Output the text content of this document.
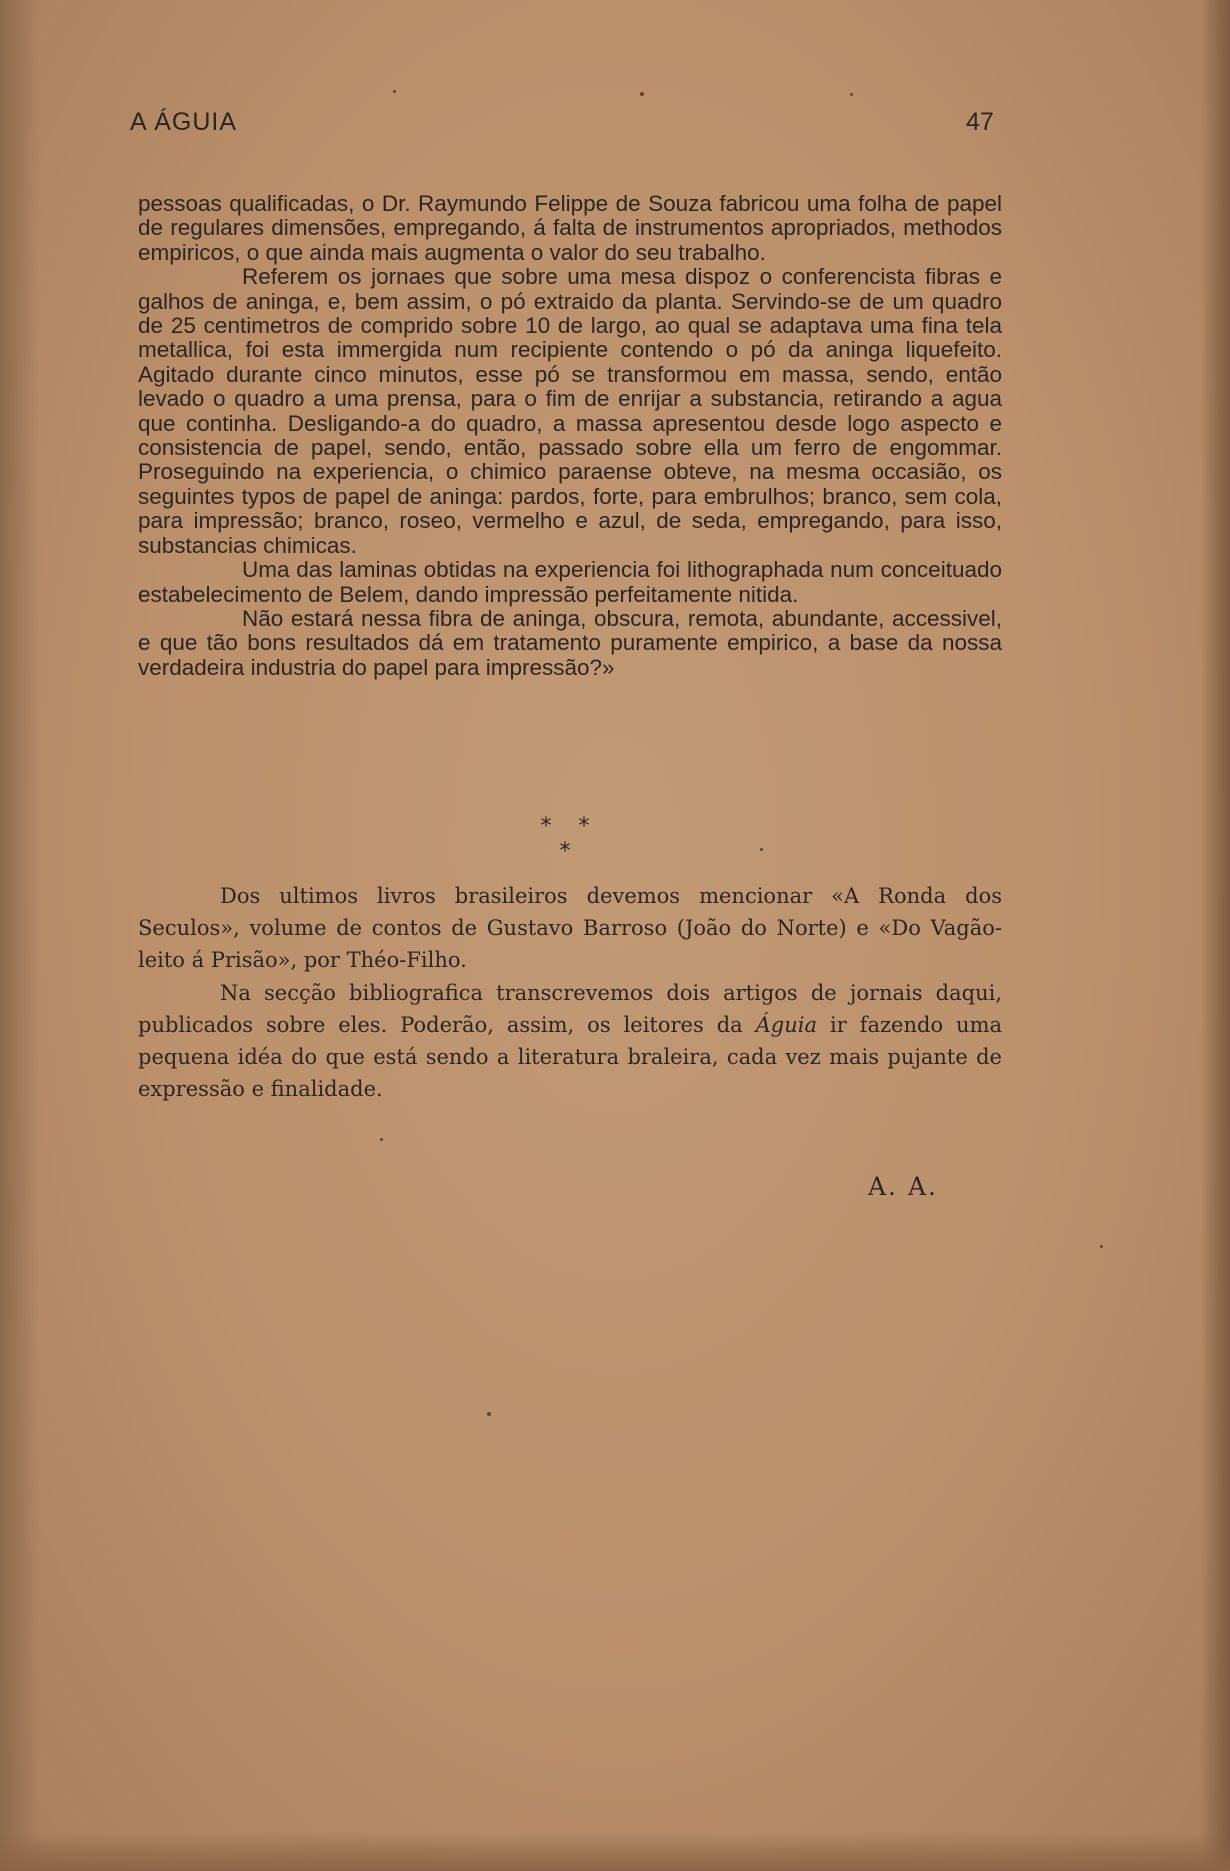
A ÁGUIA	47

pessoas qualificadas, o Dr. Raymundo Felippe de Souza fabricou uma folha de papel de regulares dimensões, empregando, á falta de instrumentos apropriados, methodos empiricos, o que ainda mais augmenta o valor do seu trabalho.

Referem os jornaes que sobre uma mesa dispoz o conferencista fibras e galhos de aninga, e, bem assim, o pó extraido da planta. Servindo-se de um quadro de 25 centimetros de comprido sobre 10 de largo, ao qual se adaptava uma fina tela metallica, foi esta immergida num recipiente contendo o pó da aninga liquefeito. Agitado durante cinco minutos, esse pó se transformou em massa, sendo, então levado o quadro a uma prensa, para o fim de enrijar a substancia, retirando a agua que continha. Desligando-a do quadro, a massa apresentou desde logo aspecto e consistencia de papel, sendo, então, passado sobre ella um ferro de engommar. Proseguindo na experiencia, o chimico paraense obteve, na mesma occasião, os seguintes typos de papel de aninga: pardos, forte, para embrulhos; branco, sem cola, para impressão; branco, roseo, vermelho e azul, de seda, empregando, para isso, substancias chimicas.

Uma das laminas obtidas na experiencia foi lithographada num conceituado estabelecimento de Belem, dando impressão perfeitamente nitida.

Não estará nessa fibra de aninga, obscura, remota, abundante, accessivel, e que tão bons resultados dá em tratamento puramente empirico, a base da nossa verdadeira industria do papel para impressão?»

* * *

Dos ultimos livros brasileiros devemos mencionar «A Ronda dos Seculos», volume de contos de Gustavo Barroso (João do Norte) e «Do Vagão-leito á Prisão», por Théo-Filho.

Na secção bibliografica transcrevemos dois artigos de jornais daqui, publicados sobre eles. Poderão, assim, os leitores da Águia ir fazendo uma pequena idéa do que está sendo a literatura braleira, cada vez mais pujante de expressão e finalidade.

A. A.
